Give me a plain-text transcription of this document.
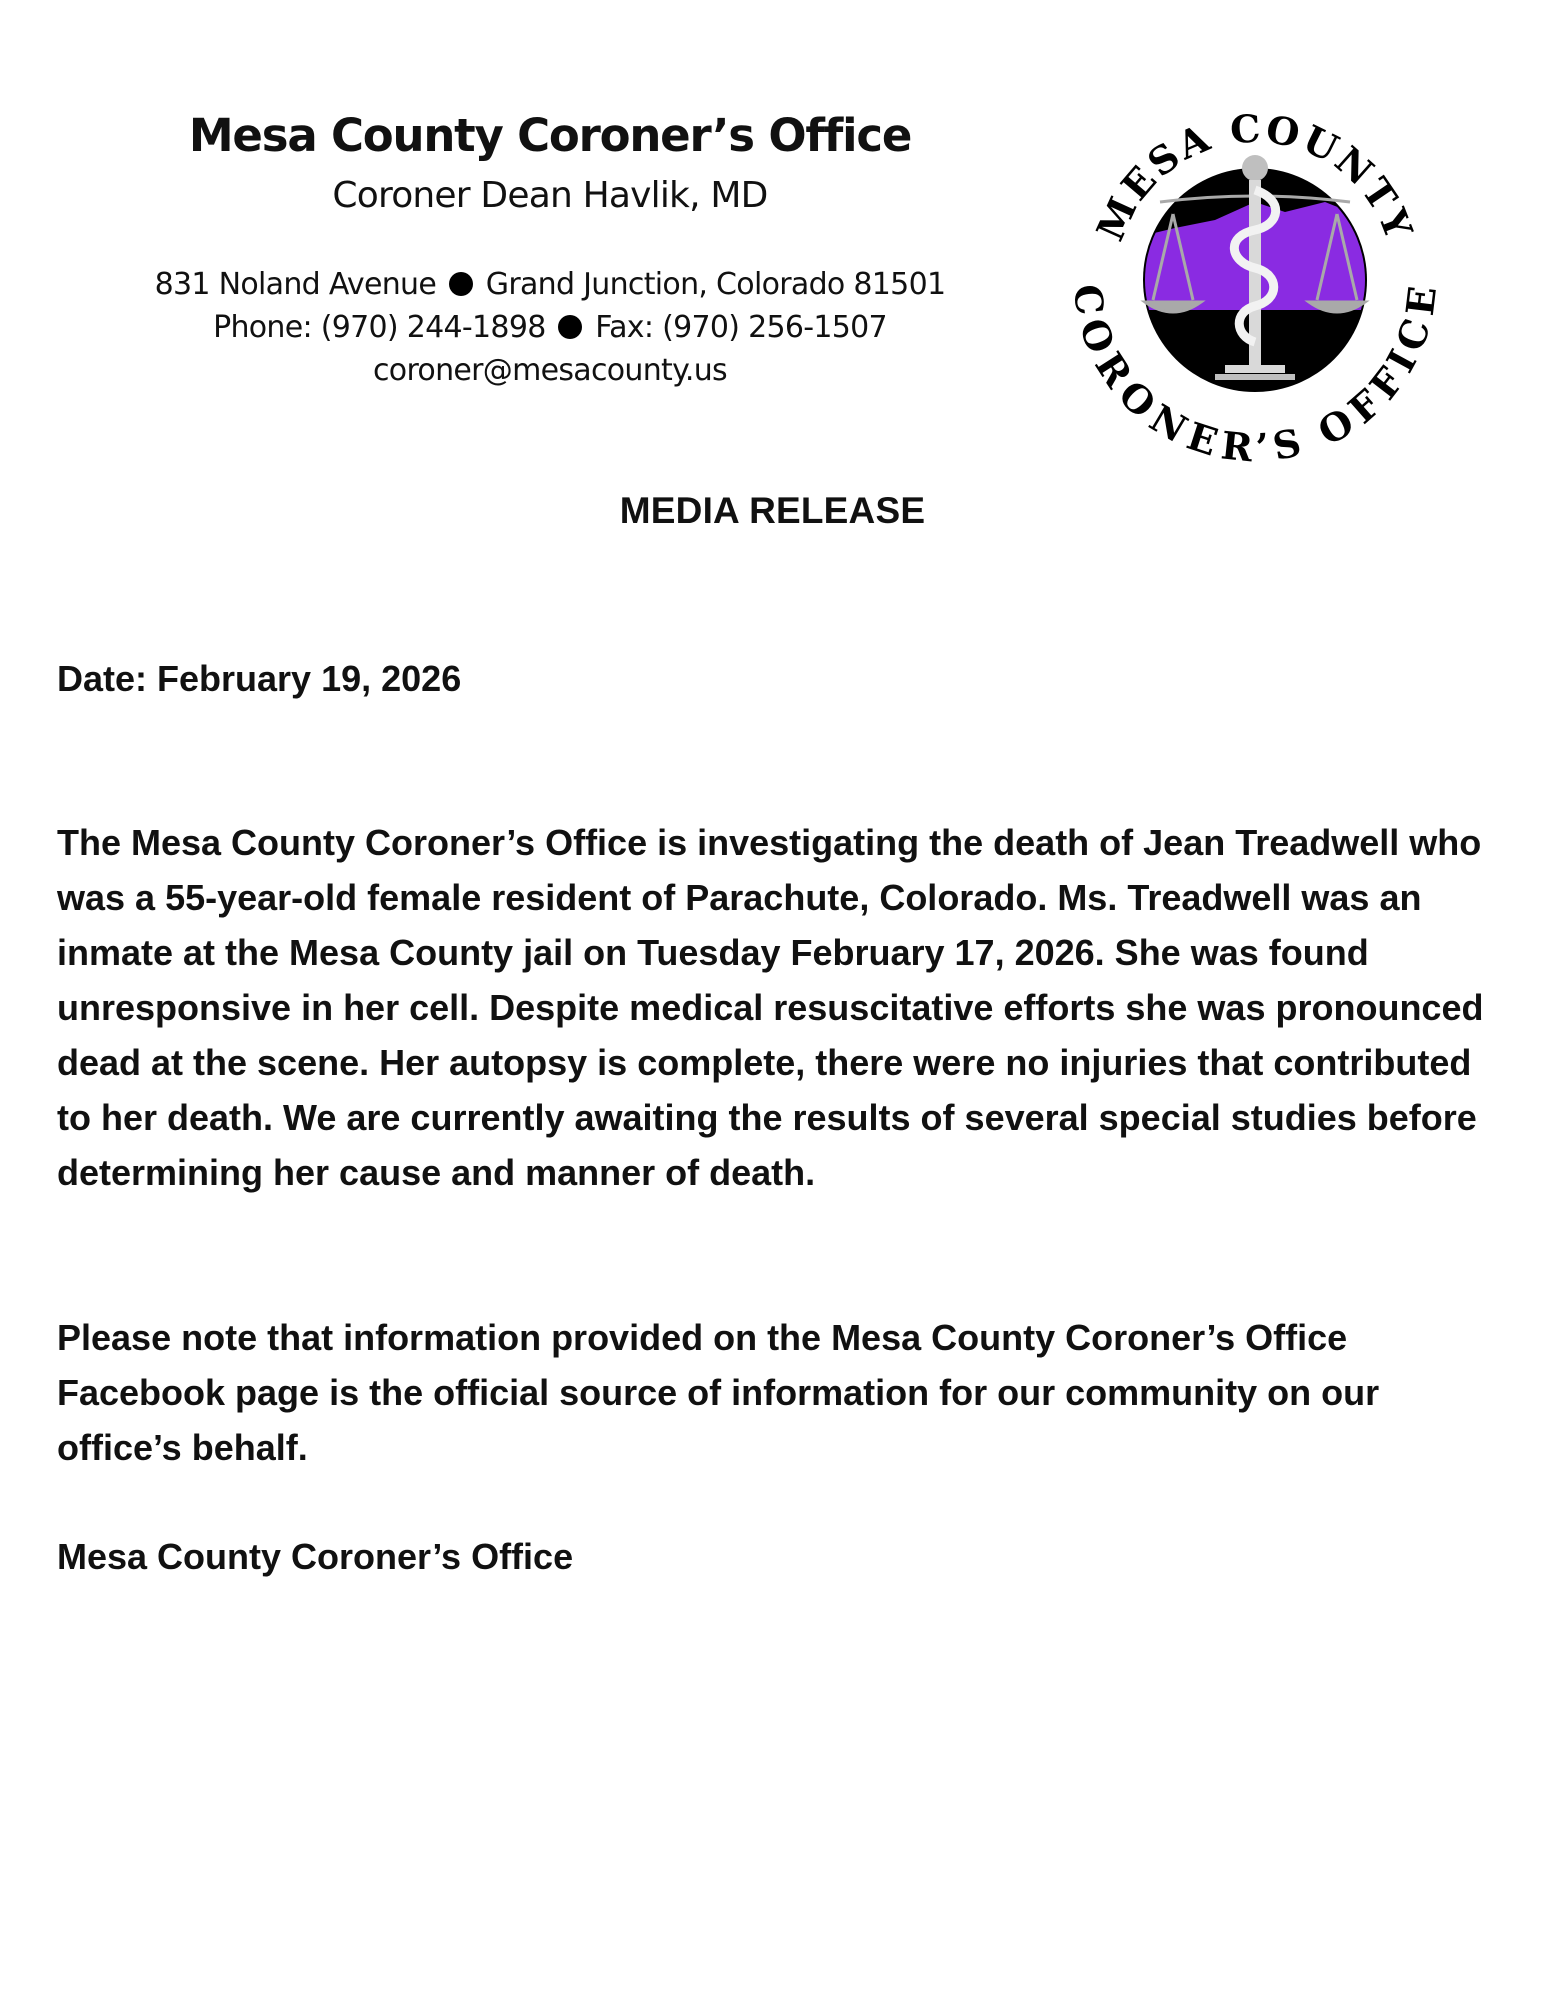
Mesa County Coroner’s Office
Coroner Dean Havlik, MD
831 Noland Avenue Grand Junction, Colorado 81501
Phone: (970) 244-1898 Fax: (970) 256-1507
coroner@mesacounty.us
MESA COUNTY
CORONER’S OFFICE
MEDIA RELEASE
Date: February 19, 2026

The Mesa County Coroner’s Office is investigating the death of Jean Treadwell who was a 55-year-old female resident of Parachute, Colorado. Ms. Treadwell was an inmate at the Mesa County jail on Tuesday February 17, 2026. She was found unresponsive in her cell. Despite medical resuscitative efforts she was pronounced dead at the scene. Her autopsy is complete, there were no injuries that contributed to her death. We are currently awaiting the results of several special studies before determining her cause and manner of death.

Please note that information provided on the Mesa County Coroner’s Office Facebook page is the official source of information for our community on our office’s behalf.

Mesa County Coroner’s Office
